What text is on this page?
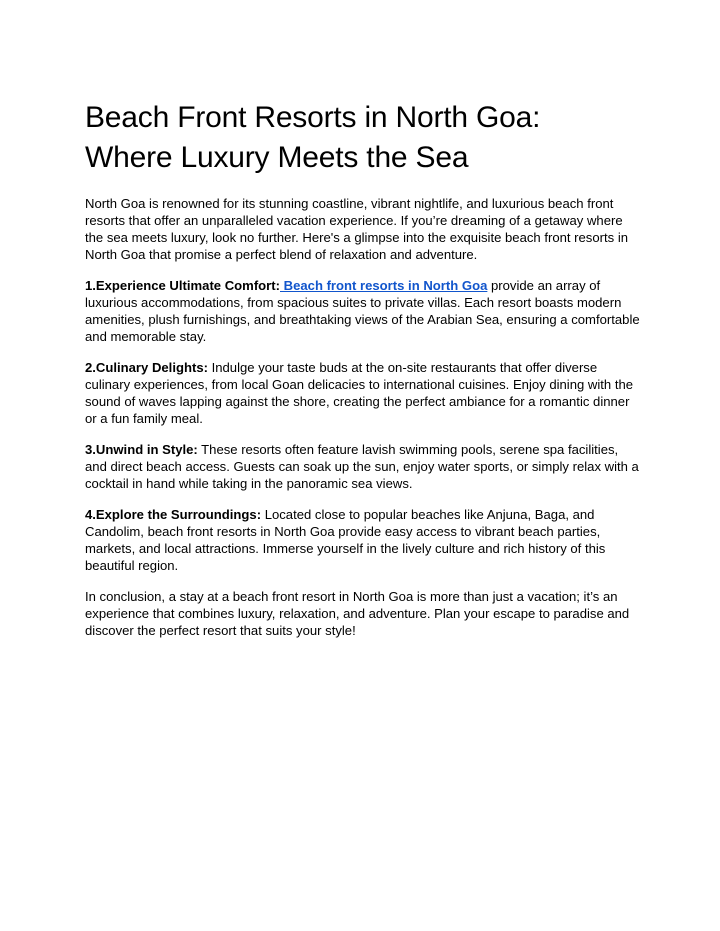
Beach Front Resorts in North Goa:
Where Luxury Meets the Sea

North Goa is renowned for its stunning coastline, vibrant nightlife, and luxurious beach front resorts that offer an unparalleled vacation experience. If you’re dreaming of a getaway where the sea meets luxury, look no further. Here's a glimpse into the exquisite beach front resorts in North Goa that promise a perfect blend of relaxation and adventure.

1.Experience Ultimate Comfort: Beach front resorts in North Goa provide an array of luxurious accommodations, from spacious suites to private villas. Each resort boasts modern amenities, plush furnishings, and breathtaking views of the Arabian Sea, ensuring a comfortable and memorable stay.

2.Culinary Delights: Indulge your taste buds at the on-site restaurants that offer diverse culinary experiences, from local Goan delicacies to international cuisines. Enjoy dining with the sound of waves lapping against the shore, creating the perfect ambiance for a romantic dinner or a fun family meal.

3.Unwind in Style: These resorts often feature lavish swimming pools, serene spa facilities, and direct beach access. Guests can soak up the sun, enjoy water sports, or simply relax with a cocktail in hand while taking in the panoramic sea views.

4.Explore the Surroundings: Located close to popular beaches like Anjuna, Baga, and Candolim, beach front resorts in North Goa provide easy access to vibrant beach parties, markets, and local attractions. Immerse yourself in the lively culture and rich history of this beautiful region.

In conclusion, a stay at a beach front resort in North Goa is more than just a vacation; it’s an experience that combines luxury, relaxation, and adventure. Plan your escape to paradise and discover the perfect resort that suits your style!
